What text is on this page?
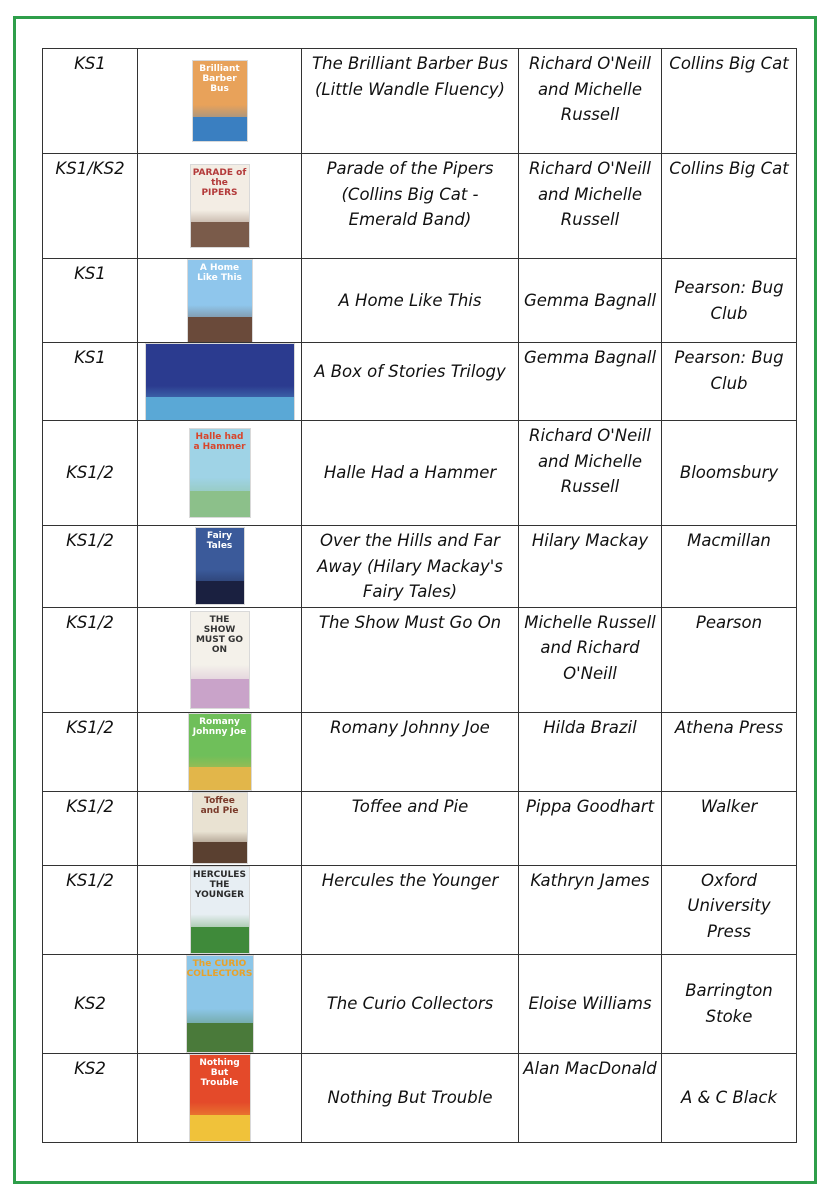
KS1	Brilliant Barber Bus	The Brilliant Barber Bus (Little Wandle Fluency)	Richard O'Neill and Michelle Russell	Collins Big Cat
KS1/KS2	PARADE of the PIPERS	Parade of the Pipers (Collins Big Cat - Emerald Band)	Richard O'Neill and Michelle Russell	Collins Big Cat
KS1	A Home Like This	A Home Like This	Gemma Bagnall	Pearson: Bug Club
KS1		A Box of Stories Trilogy	Gemma Bagnall	Pearson: Bug Club
KS1/2	Halle had a Hammer	Halle Had a Hammer	Richard O'Neill and Michelle Russell	Bloomsbury
KS1/2	Fairy Tales	Over the Hills and Far Away (Hilary Mackay's Fairy Tales)	Hilary Mackay	Macmillan
KS1/2	THE SHOW MUST GO ON	The Show Must Go On	Michelle Russell and Richard O'Neill	Pearson
KS1/2	Romany Johnny Joe	Romany Johnny Joe	Hilda Brazil	Athena Press
KS1/2	Toffee and Pie	Toffee and Pie	Pippa Goodhart	Walker
KS1/2	HERCULES THE YOUNGER	Hercules the Younger	Kathryn James	Oxford University Press
KS2	The CURIO COLLECTORS	The Curio Collectors	Eloise Williams	Barrington Stoke
KS2	Nothing But Trouble	Nothing But Trouble	Alan MacDonald	A & C Black
